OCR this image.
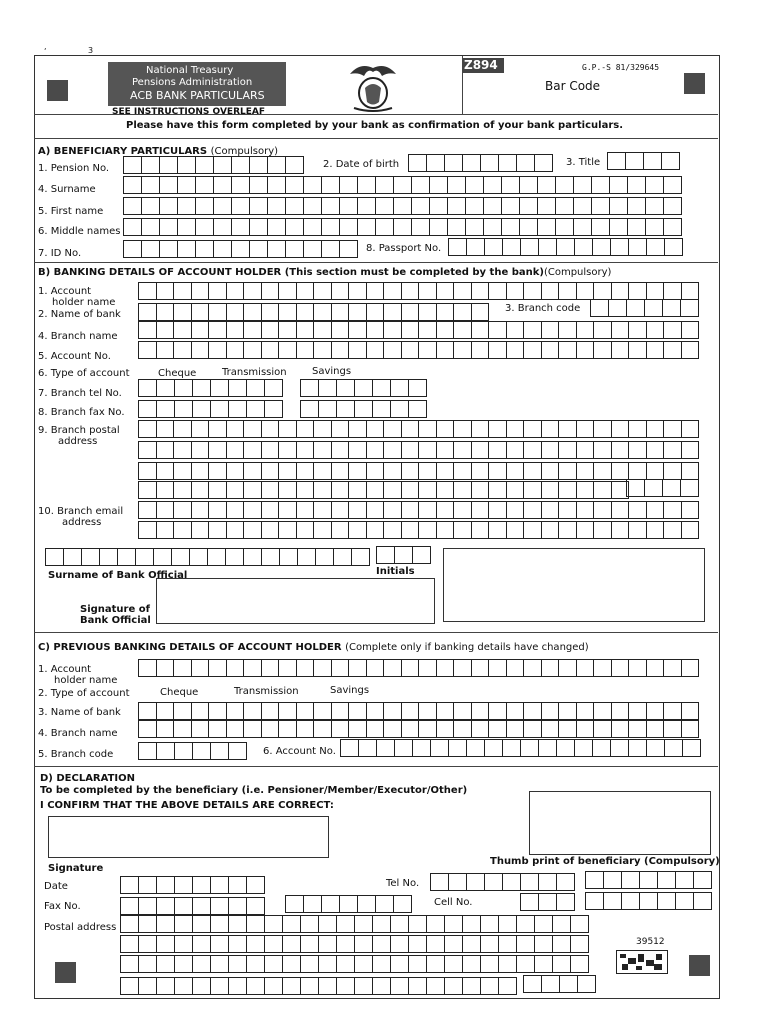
,	3
National Treasury
Pensions Administration
ACB BANK PARTICULARS
SEE INSTRUCTIONS OVERLEAF
Z894	G.P.-S 81/329645
Bar Code
Please have this form completed by your bank as confirmation of your bank particulars.
A) BENEFICIARY PARTICULARS (Compulsory)
1. Pension No.	2. Date of birth	3. Title
4. Surname
5. First name
6. Middle names
7. ID No.	8. Passport No.
B) BANKING DETAILS OF ACCOUNT HOLDER (This section must be completed by the bank)(Compulsory)
1. Account
holder name
2. Name of bank
3. Branch code
4. Branch name
5. Account No.
6. Type of account	Cheque	Transmission	Savings
7. Branch tel No.
8. Branch fax No.
9. Branch postal
address
10. Branch email
address
Surname of Bank Official	Initials
Signature of
Bank Official
C) PREVIOUS BANKING DETAILS OF ACCOUNT HOLDER (Complete only if banking details have changed)
1. Account
holder name
2. Type of account	Cheque	Transmission	Savings
3. Name of bank
4. Branch name
5. Branch code	6. Account No.
D) DECLARATION
To be completed by the beneficiary (i.e. Pensioner/Member/Executor/Other)
I CONFIRM THAT THE ABOVE DETAILS ARE CORRECT:
Signature
Thumb print of beneficiary (Compulsory)
Date	Tel No.
Fax No.	Cell No.
Postal address
39512
